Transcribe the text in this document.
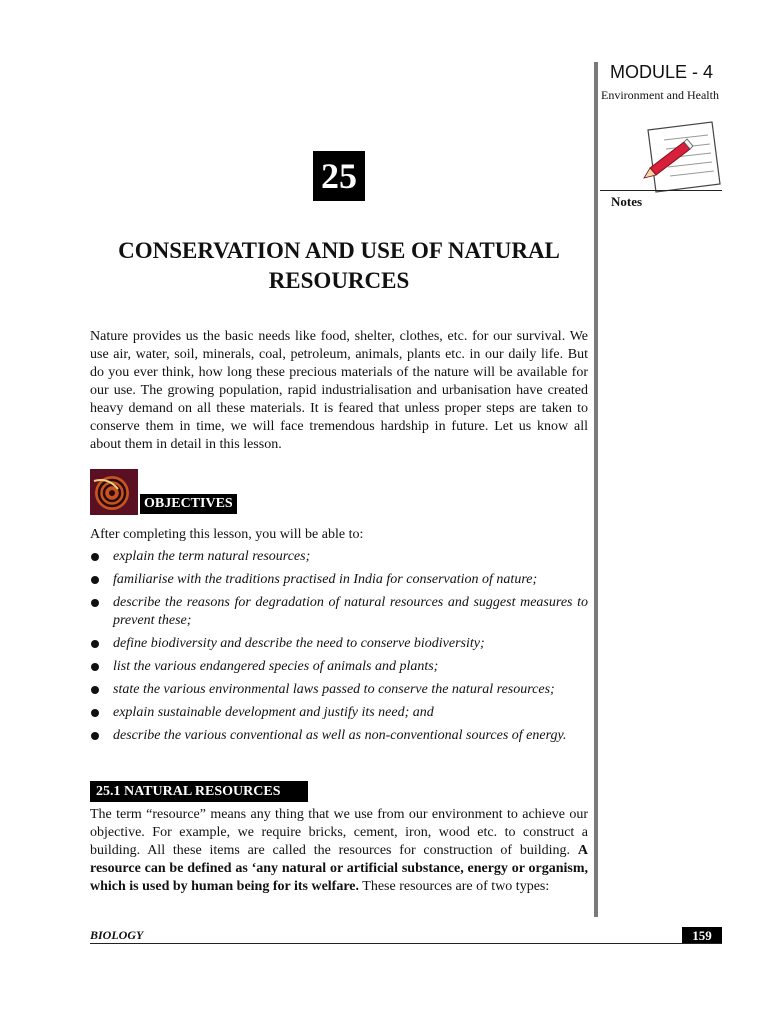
MODULE - 4
Environment and Health
Notes
25
CONSERVATION AND USE OF NATURAL RESOURCES
Nature provides us the basic needs like food, shelter, clothes, etc. for our survival. We use air, water, soil, minerals, coal, petroleum, animals, plants etc. in our daily life. But do you ever think, how long these precious materials of the nature will be available for our use. The growing population, rapid industrialisation and urbanisation have created heavy demand on all these materials. It is feared that unless proper steps are taken to conserve them in time, we will face tremendous hardship in future. Let us know all about them in detail in this lesson.
OBJECTIVES
After completing this lesson, you will be able to:
explain the term natural resources;
familiarise with the traditions practised in India for conservation of nature;
describe the reasons for degradation of natural resources and suggest measures to prevent these;
define biodiversity and describe the need to conserve biodiversity;
list the various endangered species of animals and plants;
state the various environmental laws passed to conserve the natural resources;
explain sustainable development and justify its need; and
describe the various conventional as well as non-conventional sources of energy.
25.1 NATURAL RESOURCES
The term “resource” means any thing that we use from our environment to achieve our objective. For example, we require bricks, cement, iron, wood etc. to construct a building. All these items are called the resources for construction of building. A resource can be defined as ‘any natural or artificial substance, energy or organism, which is used by human being for its welfare. These resources are of two types:
BIOLOGY	159
